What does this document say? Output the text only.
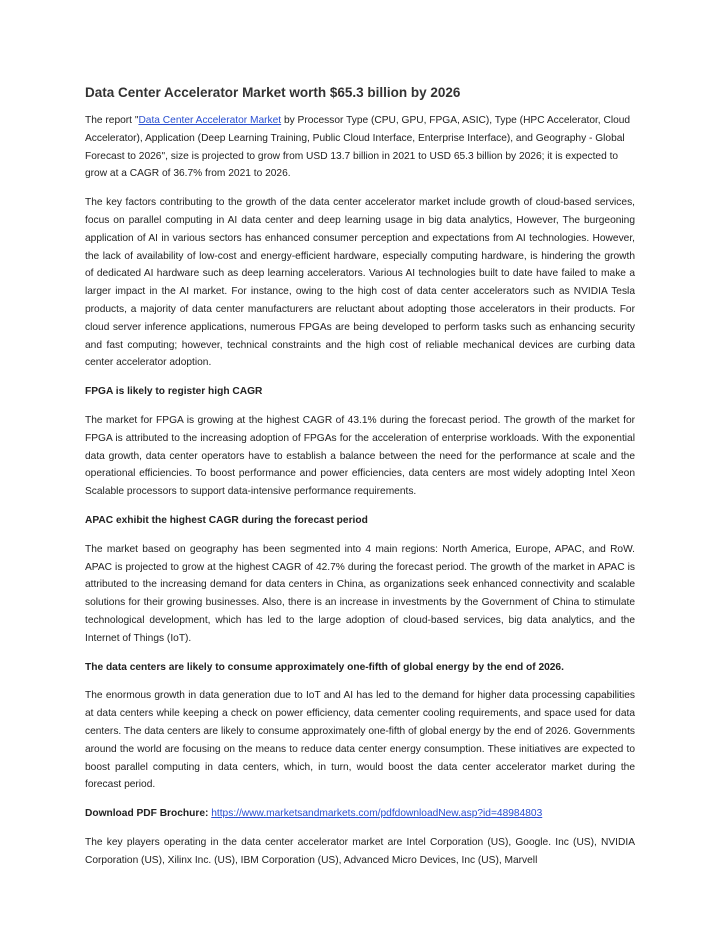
Data Center Accelerator Market worth $65.3 billion by 2026

The report "Data Center Accelerator Market by Processor Type (CPU, GPU, FPGA, ASIC), Type (HPC Accelerator, Cloud Accelerator), Application (Deep Learning Training, Public Cloud Interface, Enterprise Interface), and Geography - Global Forecast to 2026", size is projected to grow from USD 13.7 billion in 2021 to USD 65.3 billion by 2026; it is expected to grow at a CAGR of 36.7% from 2021 to 2026.

The key factors contributing to the growth of the data center accelerator market include growth of cloud-based services, focus on parallel computing in AI data center and deep learning usage in big data analytics, However, The burgeoning application of AI in various sectors has enhanced consumer perception and expectations from AI technologies. However, the lack of availability of low-cost and energy-efficient hardware, especially computing hardware, is hindering the growth of dedicated AI hardware such as deep learning accelerators. Various AI technologies built to date have failed to make a larger impact in the AI market. For instance, owing to the high cost of data center accelerators such as NVIDIA Tesla products, a majority of data center manufacturers are reluctant about adopting those accelerators in their products. For cloud server inference applications, numerous FPGAs are being developed to perform tasks such as enhancing security and fast computing; however, technical constraints and the high cost of reliable mechanical devices are curbing data center accelerator adoption.

FPGA is likely to register high CAGR

The market for FPGA is growing at the highest CAGR of 43.1% during the forecast period. The growth of the market for FPGA is attributed to the increasing adoption of FPGAs for the acceleration of enterprise workloads. With the exponential data growth, data center operators have to establish a balance between the need for the performance at scale and the operational efficiencies. To boost performance and power efficiencies, data centers are most widely adopting Intel Xeon Scalable processors to support data-intensive performance requirements.

APAC exhibit the highest CAGR during the forecast period

The market based on geography has been segmented into 4 main regions: North America, Europe, APAC, and RoW. APAC is projected to grow at the highest CAGR of 42.7% during the forecast period. The growth of the market in APAC is attributed to the increasing demand for data centers in China, as organizations seek enhanced connectivity and scalable solutions for their growing businesses. Also, there is an increase in investments by the Government of China to stimulate technological development, which has led to the large adoption of cloud-based services, big data analytics, and the Internet of Things (IoT).

The data centers are likely to consume approximately one-fifth of global energy by the end of 2026.

The enormous growth in data generation due to IoT and AI has led to the demand for higher data processing capabilities at data centers while keeping a check on power efficiency, data cementer cooling requirements, and space used for data centers. The data centers are likely to consume approximately one-fifth of global energy by the end of 2026. Governments around the world are focusing on the means to reduce data center energy consumption. These initiatives are expected to boost parallel computing in data centers, which, in turn, would boost the data center accelerator market during the forecast period.

Download PDF Brochure: https://www.marketsandmarkets.com/pdfdownloadNew.asp?id=48984803

The key players operating in the data center accelerator market are Intel Corporation (US), Google. Inc (US), NVIDIA Corporation (US), Xilinx Inc. (US), IBM Corporation (US), Advanced Micro Devices, Inc (US), Marvell
